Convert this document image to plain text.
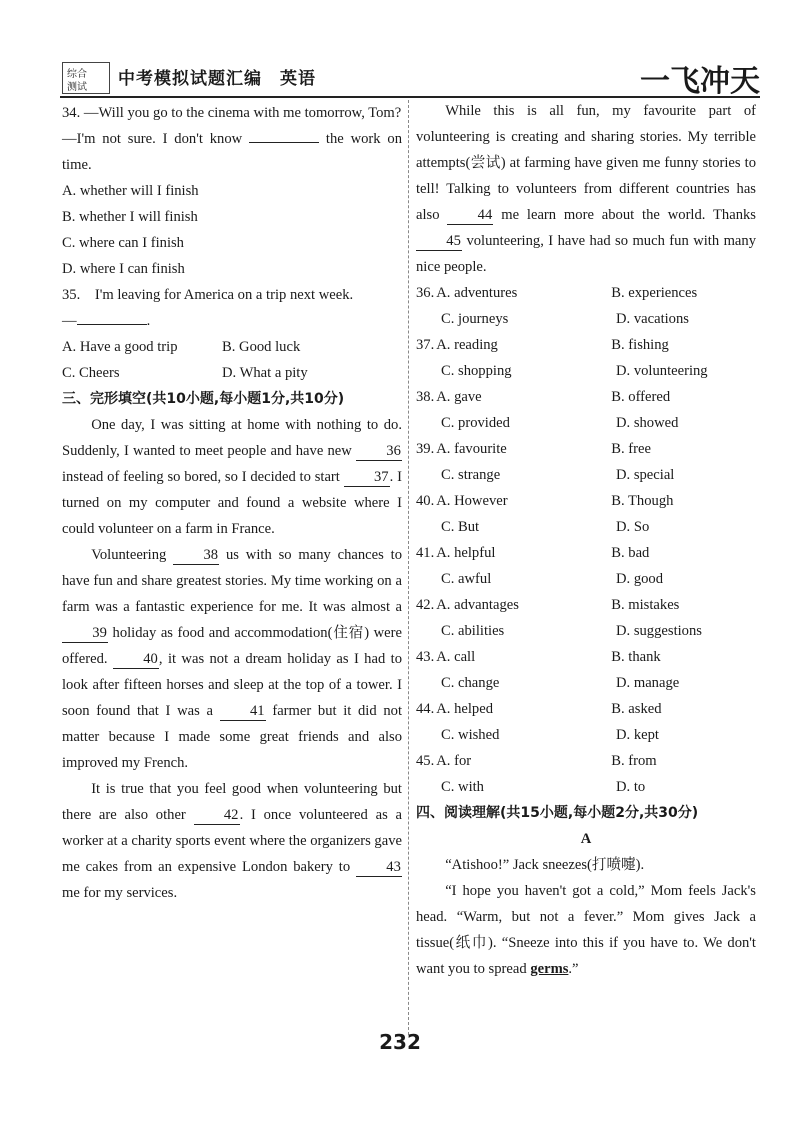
综合
测试 中考模拟试题汇编　英语	一飞冲天

34. —Will you go to the cinema with me tomorrow, Tom?

—I'm not sure. I don't know	the work on time.

A. whether will I finish

B. whether I will finish

C. where can I finish

D. where I can finish

35.　I'm leaving for America on a trip next week.

—	.

A. Have a good trip	B. Good luck
C. Cheers	D. What a pity

三、完形填空(共10小题,每小题1分,共10分)

One day, I was sitting at home with nothing to do. Suddenly, I wanted to meet people and have new 36 instead of feeling so bored, so I decided to start 37. I turned on my computer and found a website where I could volunteer on a farm in France.

Volunteering	38 us with so many chances to have fun and share greatest stories. My time working on a farm was a fantastic experience for me. It was almost a 39 holiday as food and accommodation(住宿) were offered. 40, it was not a dream holiday as I had to look after fifteen horses and sleep at the top of a tower. I soon found that I was a	41 farmer but it did not matter because I made some great friends and also improved my French.

It is true that you feel good when volunteering but there are also other	42. I once volunteered as a worker at a charity sports event where the organizers gave me cakes from an expensive London bakery to 43 me for my services.

While this is all fun, my favourite part of volunteering is creating and sharing stories. My terrible attempts(尝试) at farming have given me funny stories to tell! Talking to volunteers from different countries has also	44 me learn more about the world. Thanks 45 volunteering, I have had so much fun with many nice people.

36. A. adventures	B. experiences
C. journeys	D. vacations
37. A. reading	B. fishing
C. shopping	D. volunteering
38. A. gave	B. offered
C. provided	D. showed
39. A. favourite	B. free
C. strange	D. special
40. A. However	B. Though
C. But	D. So
41. A. helpful	B. bad
C. awful	D. good
42. A. advantages	B. mistakes
C. abilities	D. suggestions
43. A. call	B. thank
C. change	D. manage
44. A. helped	B. asked
C. wished	D. kept
45. A. for	B. from
C. with	D. to

四、阅读理解(共15小题,每小题2分,共30分)

A

“Atishoo!” Jack sneezes(打喷嚏).

“I hope you haven't got a cold,” Mom feels Jack's head. “Warm, but not a fever.” Mom gives Jack a tissue(纸巾). “Sneeze into this if you have to. We don't want you to spread germs.”

232
